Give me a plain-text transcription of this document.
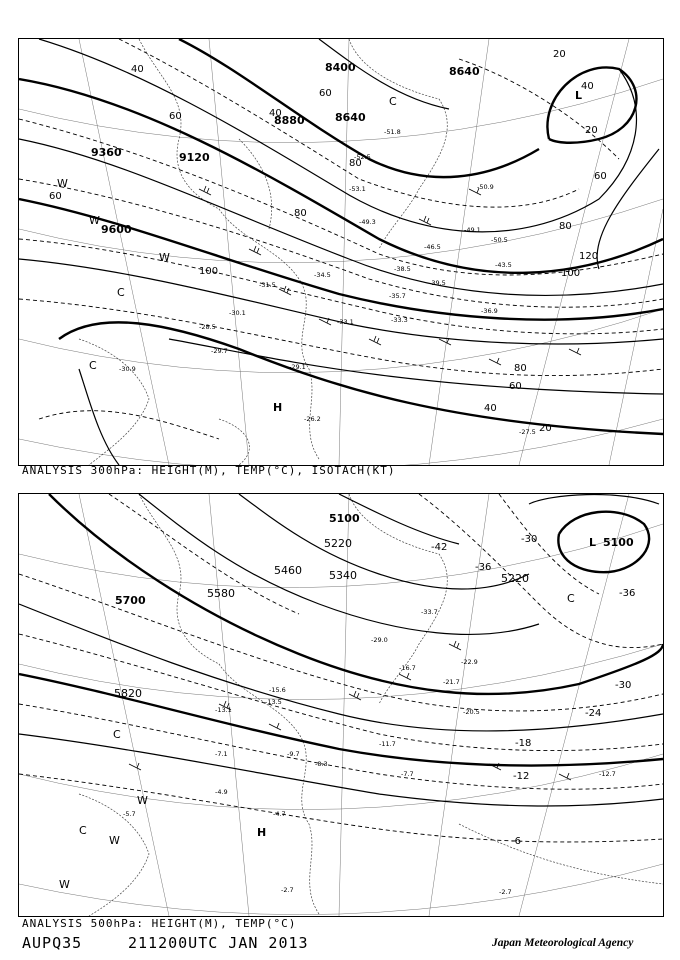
8400	8640
8880	8640
9120
9360
9600
40
60
80
60	40
20
20
40
60
80
100
120
80
60
40
20
60
80
100
-51.8
-50.9
-52.5
-53.1
-49.3
-46.5
-49.1
-50.5
-43.5
-38.5
-39.5
-36.9
-35.7
-33.3
-34.5
-33.1
-30.1
-31.5
-28.5
-29.7
-26.2
-29.1
-30.9
-27.5
L
C
C
H
C
W
W
W
ANALYSIS 300hPa: HEIGHT(M), TEMP(°C), ISOTACH(KT)
5100
5220
5460 5340
5580
5700
5820
5220
5100
-42
-36
-30
-36
-30
-24
-18
-12
-6
-12.7
-2.7
-33.7
-29.0
-22.9
-21.7
-20.5
-16.7
-15.6
-13.5
-13.1
-11.7
-9.7
-8.3
-7.7
-7.1
-5.7	-4.7
-4.9
-2.7
L
C
C
W
W
W
H
C
ANALYSIS 500hPa: HEIGHT(M), TEMP(°C)
AUPQ35	211200UTC JAN 2013	Japan Meteorological Agency
